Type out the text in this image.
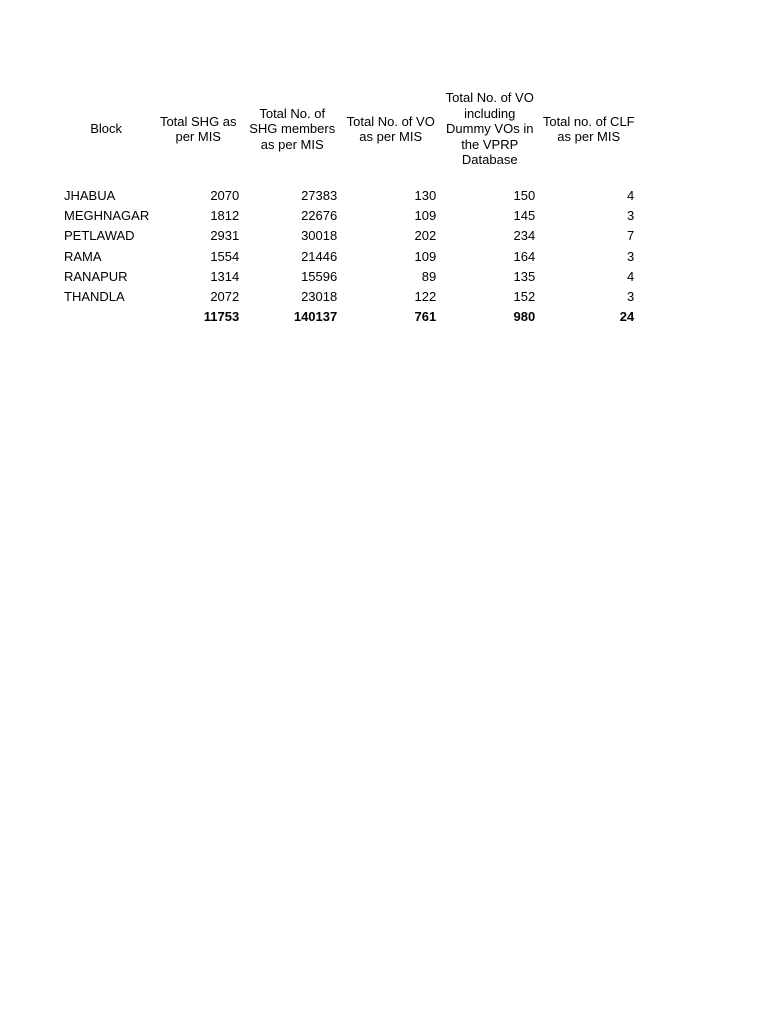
Block	Total SHG as per MIS	Total No. of SHG members as per MIS	Total No. of VO as per MIS	Total No. of VO including Dummy VOs in the VPRP Database	Total no. of CLF as per MIS

JHABUA	2070	27383	130	150	4
MEGHNAGAR	1812	22676	109	145	3
PETLAWAD	2931	30018	202	234	7
RAMA	1554	21446	109	164	3
RANAPUR	1314	15596	89	135	4
THANDLA	2072	23018	122	152	3
	11753	140137	761	980	24
